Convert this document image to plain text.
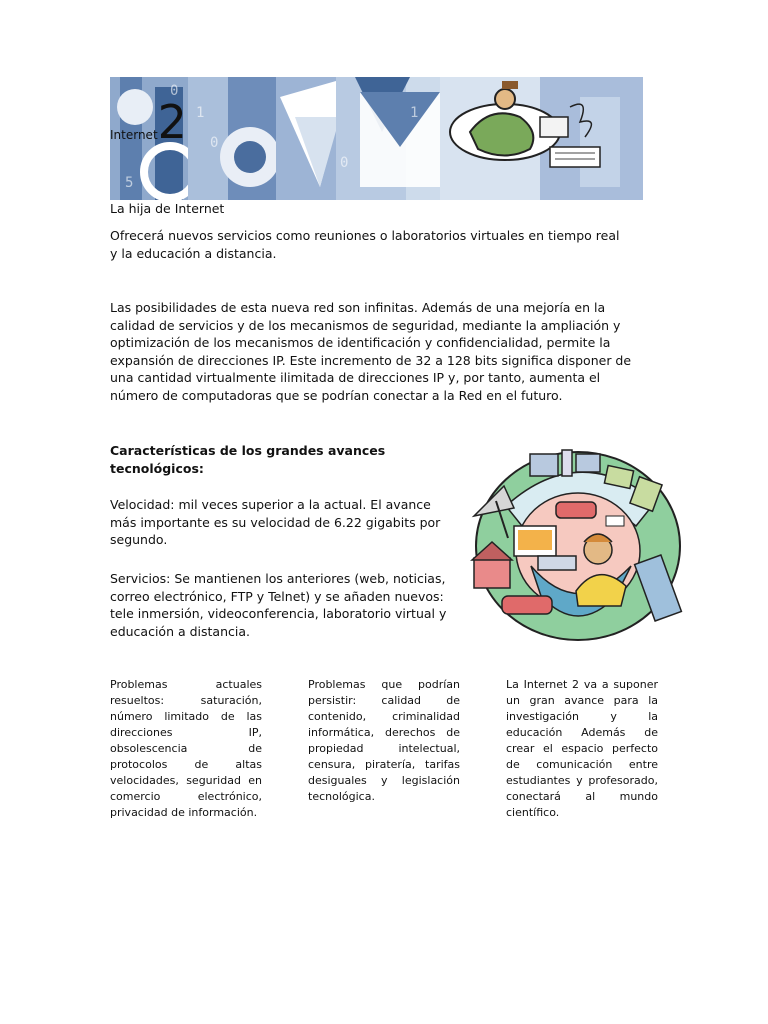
0
1
0
5
0
1
Internet 2
La hija de Internet
Ofrecerá nuevos servicios como reuniones o laboratorios virtuales en tiempo real y la educación a distancia.
Las posibilidades de esta nueva red son infinitas. Además de una mejoría en la calidad de servicios y de los mecanismos de seguridad, mediante la ampliación y optimización de los mecanismos de identificación y confidencialidad, permite la expansión de direcciones IP. Este incremento de 32 a 128 bits significa disponer de una cantidad virtualmente ilimitada de direcciones IP y, por tanto, aumenta el número de computadoras que se podrían conectar a la Red en el futuro.
Características de los grandes avances tecnológicos:
Velocidad: mil veces superior a la actual. El avance más importante es su velocidad de 6.22 gigabits por segundo.
Servicios: Se mantienen los anteriores (web, noticias, correo electrónico, FTP y Telnet) y se añaden nuevos: tele inmersión, videoconferencia, laboratorio virtual y educación a distancia.
Problemas actuales resueltos: saturación, número limitado de las direcciones IP, obsolescencia de protocolos de altas velocidades, seguridad en comercio electrónico, privacidad de información.
Problemas que podrían persistir: calidad de contenido, criminalidad informática, derechos de propiedad intelectual, censura, piratería, tarifas desiguales y legislación tecnológica.
La Internet 2 va a suponer un gran avance para la investigación y la educación Además de crear el espacio perfecto de comunicación entre estudiantes y profesorado, conectará al mundo científico.
